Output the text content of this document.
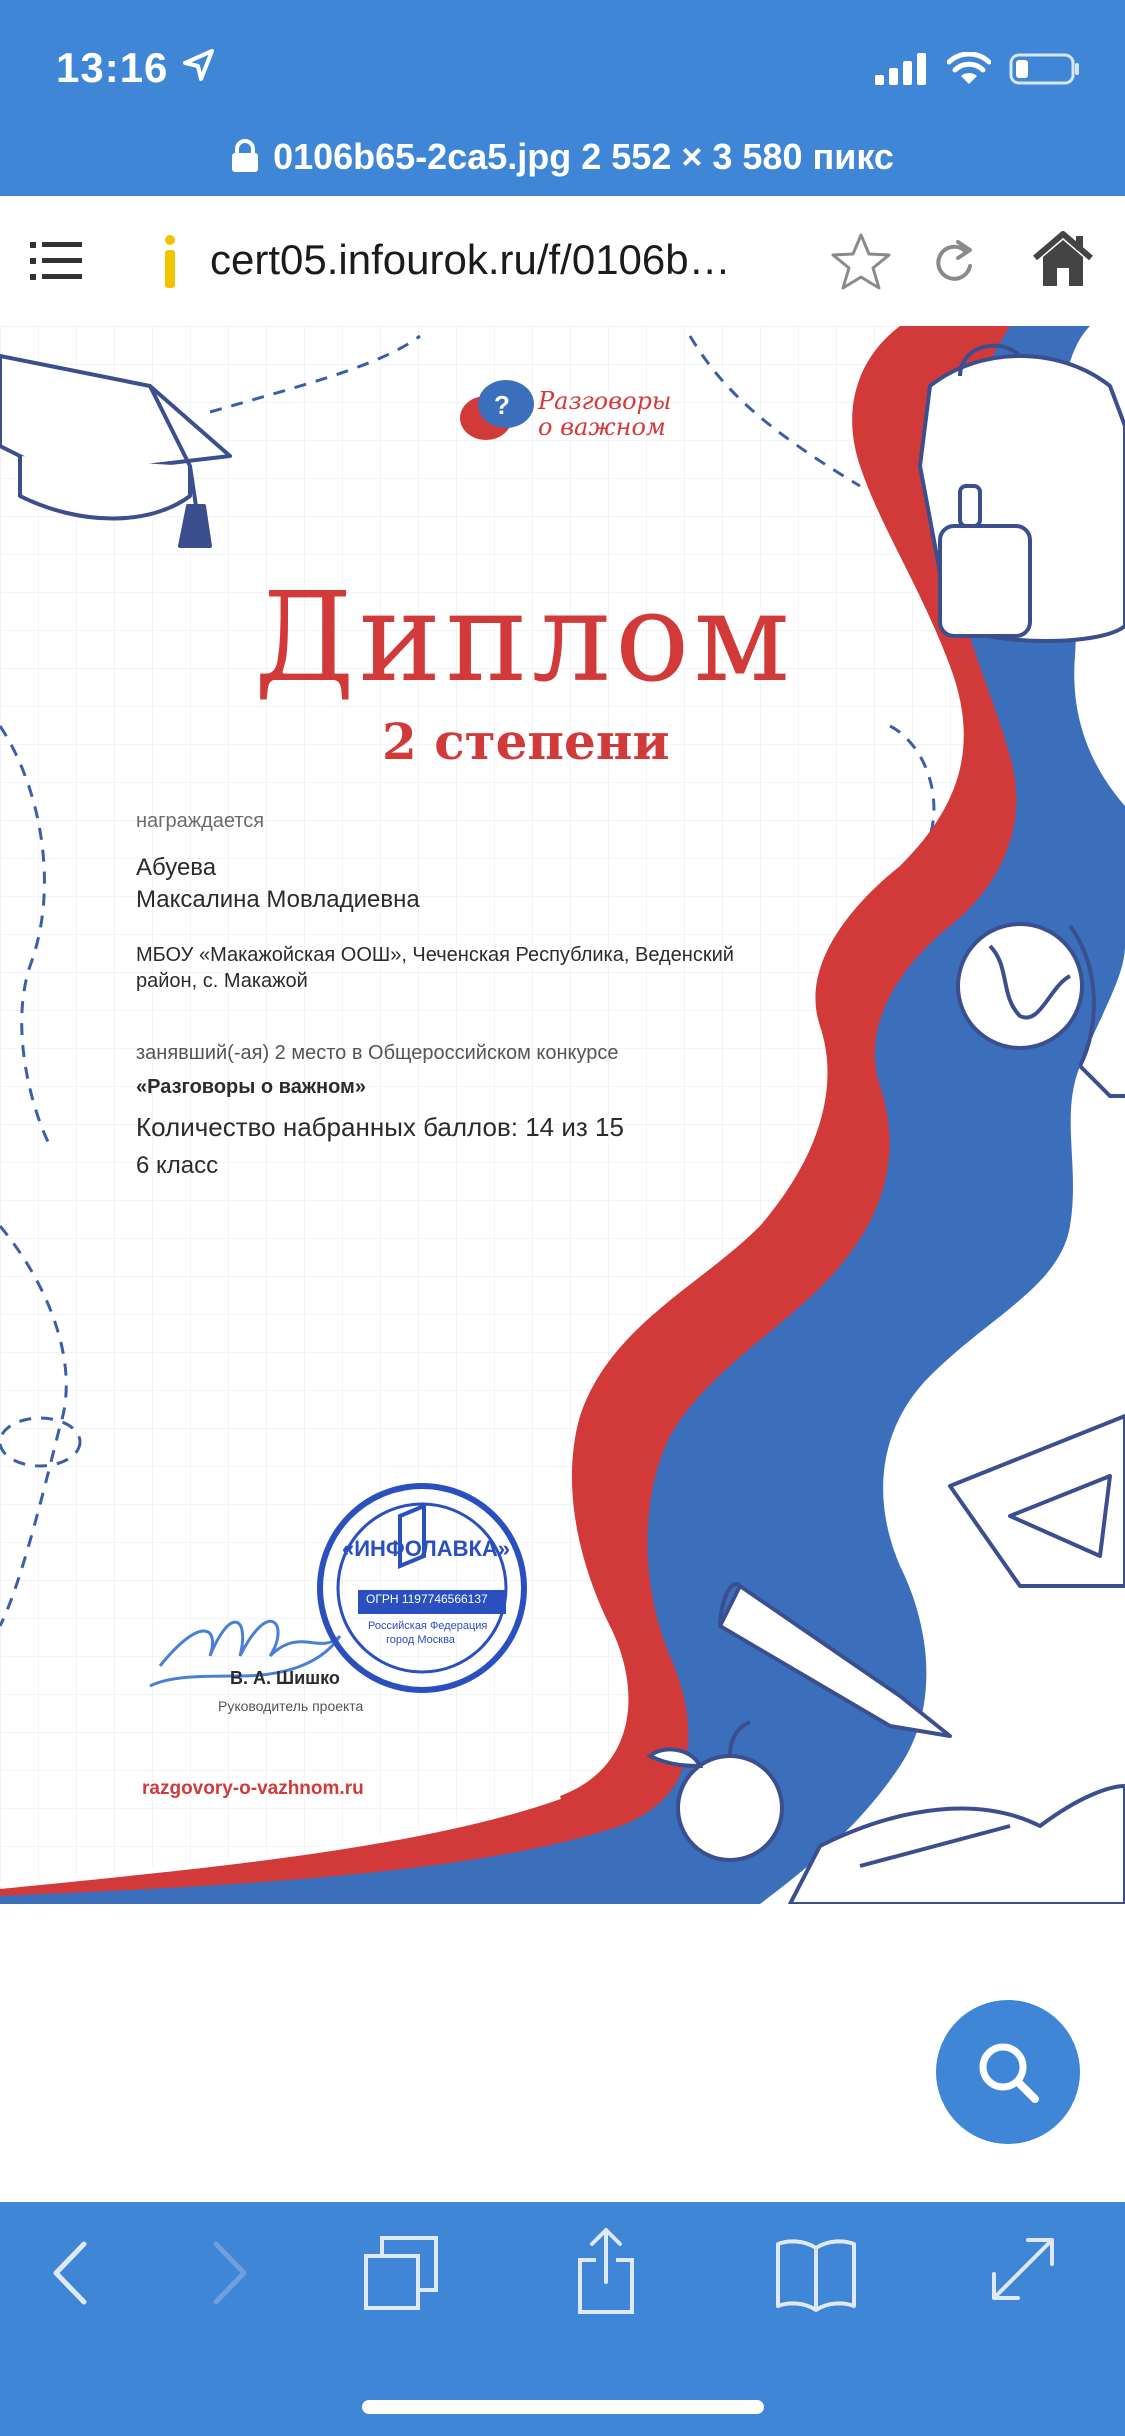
13:16
0106b65-2ca5.jpg 2 552 × 3 580 пикс
cert05.infourok.ru/f/0106b…
? Разговоры
о важном
Диплом
2 степени
награждается
Абуева
Максалина Мовладиевна
МБОУ «Макажойская ООШ», Чеченская Республика, Веденский
район, с. Макажой
занявший(-ая) 2 место в Общероссийском конкурсе
«Разговоры о важном»
Количество набранных баллов: 14 из 15
6 класс
«ИНФОЛАВКА»
ОГРН 1197746566137
Российская Федерация
город Москва
В. А. Шишко
Руководитель проекта
razgovory-o-vazhnom.ru
